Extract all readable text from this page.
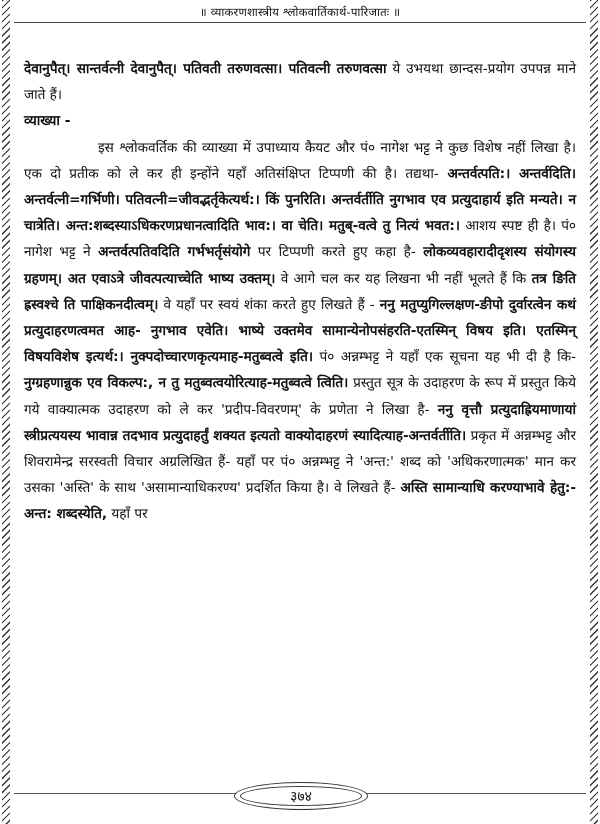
॥ व्याकरणशास्त्रीय श्लोकवार्तिकार्थ-पारिजातः ॥

देवानुपैत्। सान्तर्वत्नी देवानुपैत्। पतिवती तरुणवत्सा। पतिवत्नी तरुणवत्सा ये उभयथा छान्दस-प्रयोग उपपन्न माने जाते हैं।

व्याख्या -

इस श्लोकवर्तिक की व्याख्या में उपाध्याय कैयट और पं० नागेश भट्ट ने कुछ विशेष नहीं लिखा है। एक दो प्रतीक को ले कर ही इन्होंने यहाँ अतिसंक्षिप्त टिप्पणी की है। तद्यथा- अन्तर्वत्पति:। अन्तर्वदिति। अन्तर्वत्नी=गर्भिणी। पतिवत्नी=जीवद्भर्तृकेत्यर्थ:। किं पुनरिति। अन्तर्वर्तीति नुगभाव एव प्रत्युदाहार्य इति मन्यते। न चात्रेति। अन्त:शब्दस्याऽधिकरणप्रधानत्वादिति भाव:। वा चेति। मतुब्-वत्वे तु नित्यं भवत:। आशय स्पष्ट ही है। पं० नागेश भट्ट ने अन्तर्वत्पतिवदिति गर्भभर्तृसंयोगे पर टिप्पणी करते हुए कहा है- लोकव्यवहारादीदृशस्य संयोगस्य ग्रहणम्। अत एवाऽत्रे जीवत्पत्याच्चेति भाष्य उक्तम्। वे आगे चल कर यह लिखना भी नहीं भूलते हैं कि तत्र ङिति ह्रस्वश्चे ति पाक्षिकनदीत्वम्। वे यहाँ पर स्वयं शंका करते हुए लिखते हैं - ननु मतुप्युगिल्लक्षण-ङीपो दुर्वारत्वेन कथं प्रत्युदाहरणत्वमत आह- नुगभाव एवेति। भाष्ये उक्तमेव सामान्येनोपसंहरति-एतस्मिन् विषय इति। एतस्मिन् विषयविशेष इत्यर्थ:। नुक्पदोच्चारणकृत्यमाह-मतुब्वत्वे इति। पं० अन्नम्भट्ट ने यहाँ एक सूचना यह भी दी है कि- नुग्ग्रहणान्नुक एव विकल्प:, न तु मतुब्वत्वयोरित्याह-मतुब्वत्वे त्विति। प्रस्तुत सूत्र के उदाहरण के रूप में प्रस्तुत किये गये वाक्यात्मक उदाहरण को ले कर 'प्रदीप-विवरणम्' के प्रणेता ने लिखा है- ननु वृत्तौ प्रत्युदाह्रियमाणायां स्त्रीप्रत्ययस्य भावान्न तदभाव प्रत्युदाहर्तुं शक्यत इत्यतो वाक्योदाहरणं स्यादित्याह-अन्तर्वर्तीति। प्रकृत में अन्नम्भट्ट और शिवरामेन्द्र सरस्वती विचार अग्रलिखित हैं- यहाँ पर पं० अन्नम्भट्ट ने 'अन्त:' शब्द को 'अधिकरणात्मक' मान कर उसका 'अस्ति' के साथ 'असामान्याधिकरण्य' प्रदर्शित किया है। वे लिखते हैं- अस्ति सामान्याधि करण्याभावे हेतु:-अन्त: शब्दस्येति, यहाँ पर

३७४
